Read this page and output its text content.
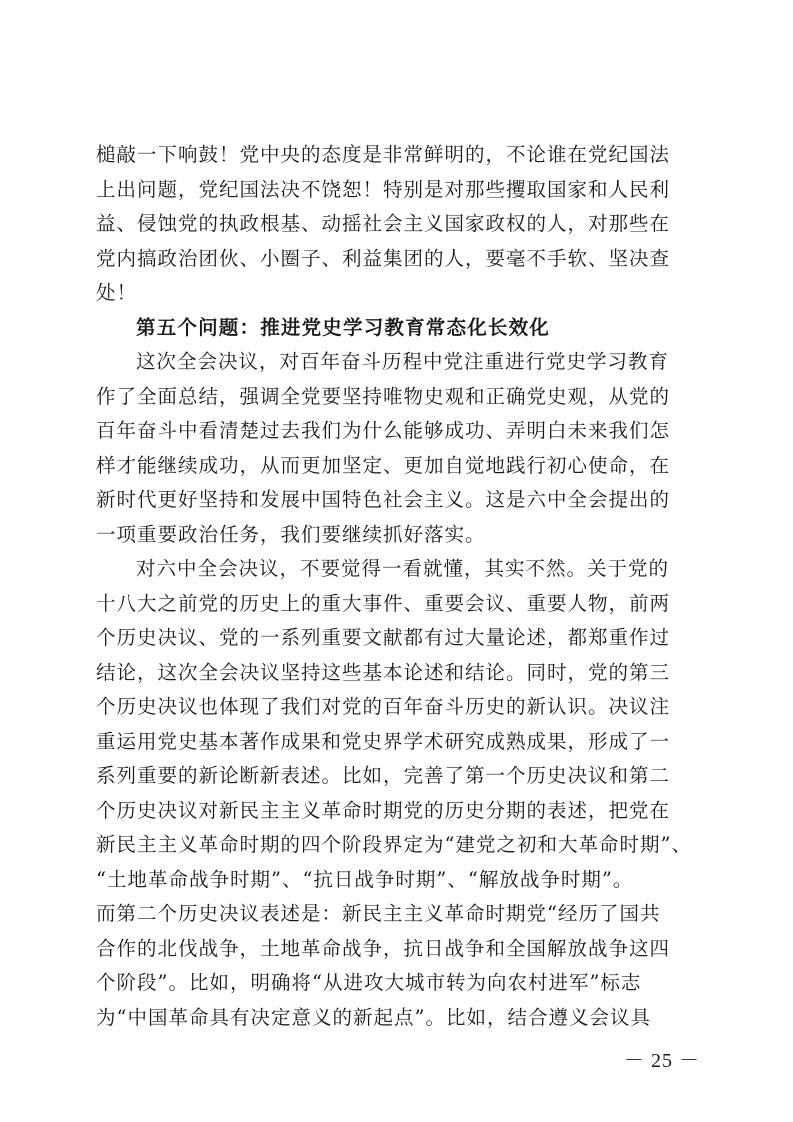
槌敲一下响鼓！党中央的态度是非常鲜明的，不论谁在党纪国法
上出问题，党纪国法决不饶恕！特别是对那些攫取国家和人民利
益、侵蚀党的执政根基、动摇社会主义国家政权的人，对那些在
党内搞政治团伙、小圈子、利益集团的人，要毫不手软、坚决查
处！
第五个问题：推进党史学习教育常态化长效化
这次全会决议，对百年奋斗历程中党注重进行党史学习教育
作了全面总结，强调全党要坚持唯物史观和正确党史观，从党的
百年奋斗中看清楚过去我们为什么能够成功、弄明白未来我们怎
样才能继续成功，从而更加坚定、更加自觉地践行初心使命，在
新时代更好坚持和发展中国特色社会主义。这是六中全会提出的
一项重要政治任务，我们要继续抓好落实。
对六中全会决议，不要觉得一看就懂，其实不然。关于党的
十八大之前党的历史上的重大事件、重要会议、重要人物，前两
个历史决议、党的一系列重要文献都有过大量论述，都郑重作过
结论，这次全会决议坚持这些基本论述和结论。同时，党的第三
个历史决议也体现了我们对党的百年奋斗历史的新认识。决议注
重运用党史基本著作成果和党史界学术研究成熟成果，形成了一
系列重要的新论断新表述。比如，完善了第一个历史决议和第二
个历史决议对新民主主义革命时期党的历史分期的表述，把党在
新民主主义革命时期的四个阶段界定为“建党之初和大革命时期”、
“土地革命战争时期”、“抗日战争时期”、“解放战争时期”。
而第二个历史决议表述是：新民主主义革命时期党“经历了国共
合作的北伐战争，土地革命战争，抗日战争和全国解放战争这四
个阶段”。比如，明确将“从进攻大城市转为向农村进军”标志
为“中国革命具有决定意义的新起点”。比如，结合遵义会议具
－ 25 －
